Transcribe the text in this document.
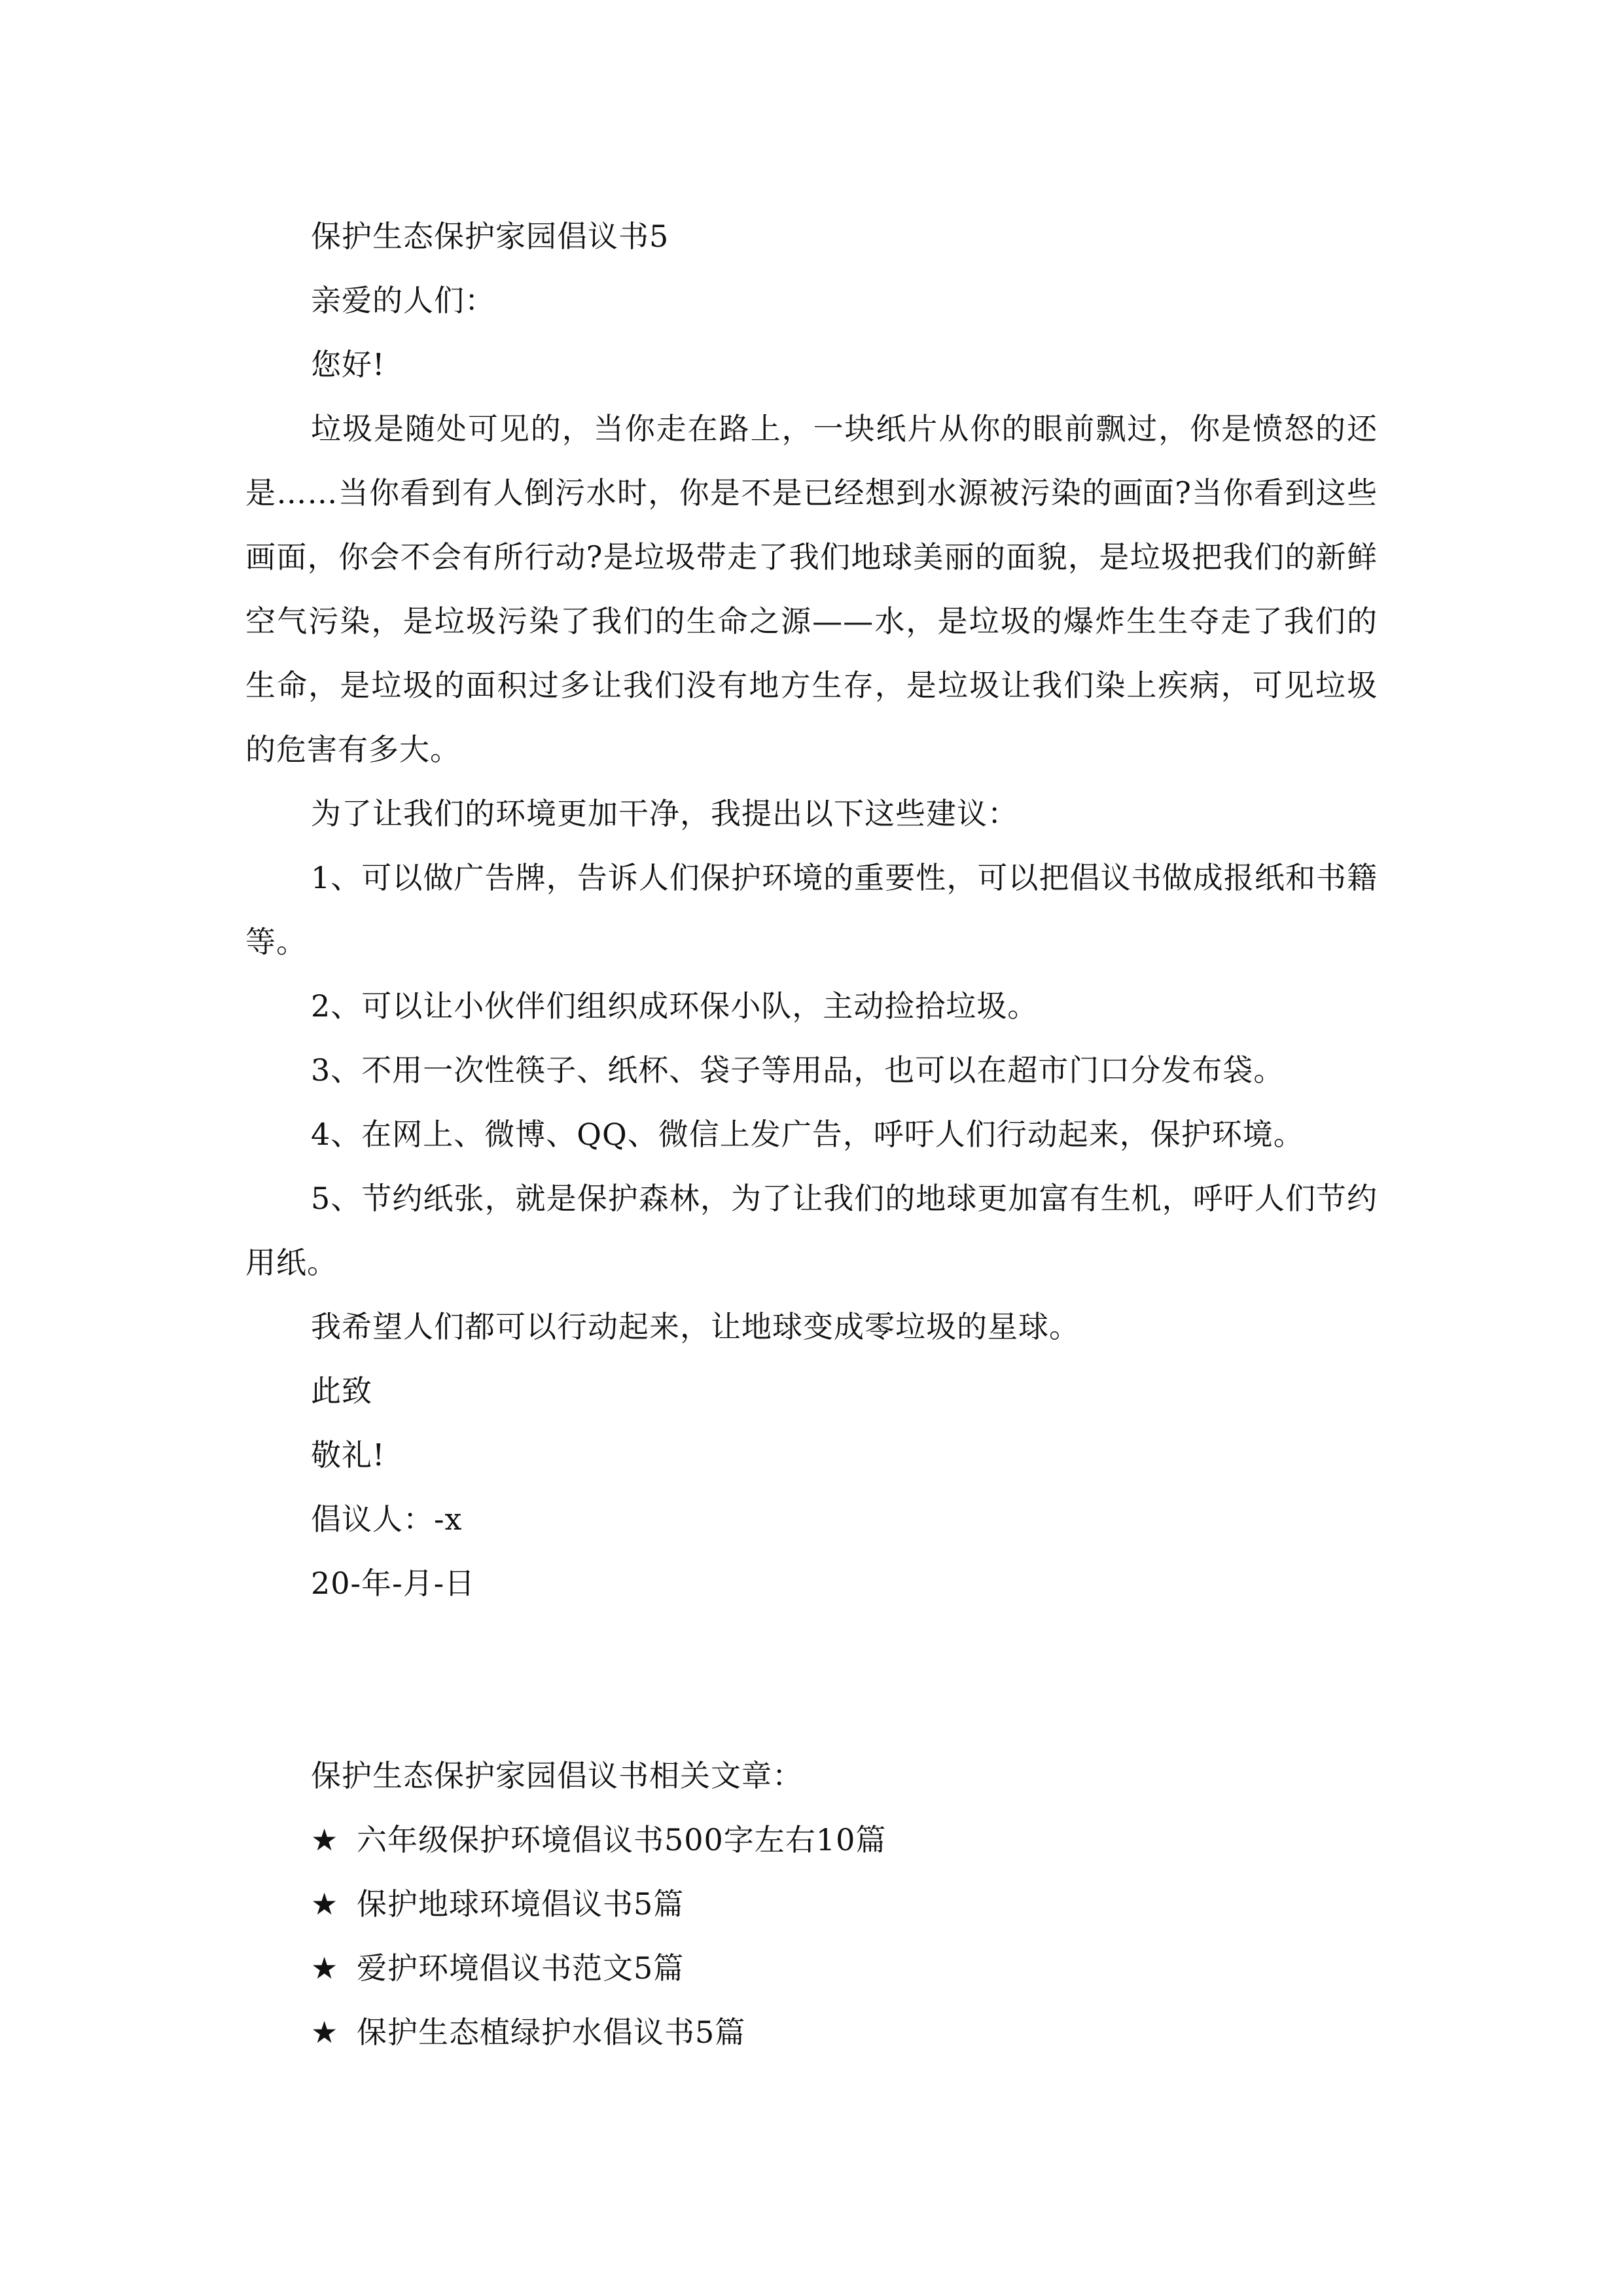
保护生态保护家园倡议书5
亲爱的人们：
您好!
垃圾是随处可见的，当你走在路上，一块纸片从你的眼前飘过，你是愤怒的还是……当你看到有人倒污水时，你是不是已经想到水源被污染的画面?当你看到这些画面，你会不会有所行动?是垃圾带走了我们地球美丽的面貌，是垃圾把我们的新鲜空气污染，是垃圾污染了我们的生命之源——水，是垃圾的爆炸生生夺走了我们的生命，是垃圾的面积过多让我们没有地方生存，是垃圾让我们染上疾病，可见垃圾的危害有多大。
为了让我们的环境更加干净，我提出以下这些建议：
1、可以做广告牌，告诉人们保护环境的重要性，可以把倡议书做成报纸和书籍等。
2、可以让小伙伴们组织成环保小队，主动捡拾垃圾。
3、不用一次性筷子、纸杯、袋子等用品，也可以在超市门口分发布袋。
4、在网上、微博、QQ、微信上发广告，呼吁人们行动起来，保护环境。
5、节约纸张，就是保护森林，为了让我们的地球更加富有生机，呼吁人们节约用纸。
我希望人们都可以行动起来，让地球变成零垃圾的星球。
此致
敬礼!
倡议人：-x
20-年-月-日
保护生态保护家园倡议书相关文章：
★ 六年级保护环境倡议书500字左右10篇
★ 保护地球环境倡议书5篇
★ 爱护环境倡议书范文5篇
★ 保护生态植绿护水倡议书5篇
